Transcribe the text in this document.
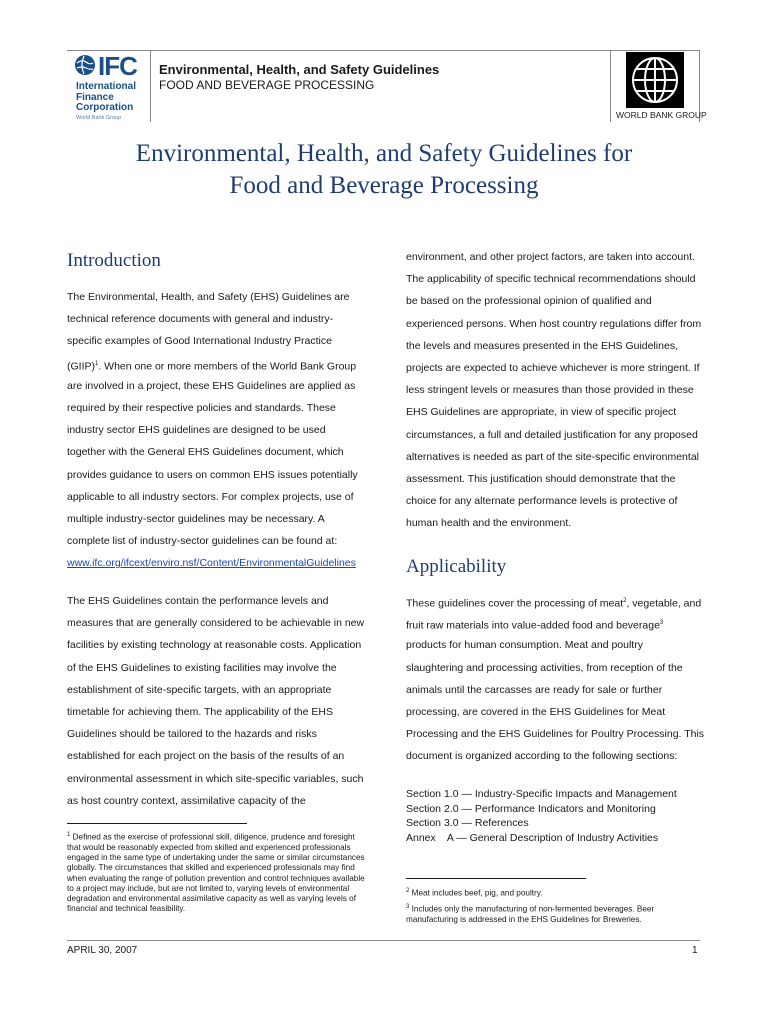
IFC
International
Finance
Corporation
World Bank Group
Environmental, Health, and Safety Guidelines
FOOD AND BEVERAGE PROCESSING
WORLD BANK GROUP
Environmental, Health, and Safety Guidelines for
Food and Beverage Processing
Introduction
The Environmental, Health, and Safety (EHS) Guidelines are
technical reference documents with general and industry-
specific examples of Good International Industry Practice
(GIIP)$^1$. When one or more members of the World Bank Group
are involved in a project, these EHS Guidelines are applied as
required by their respective policies and standards. These
industry sector EHS guidelines are designed to be used
together with the General EHS Guidelines document, which
provides guidance to users on common EHS issues potentially
applicable to all industry sectors. For complex projects, use of
multiple industry-sector guidelines may be necessary. A
complete list of industry-sector guidelines can be found at:
www.ifc.org/ifcext/enviro.nsf/Content/EnvironmentalGuidelines
The EHS Guidelines contain the performance levels and
measures that are generally considered to be achievable in new
facilities by existing technology at reasonable costs. Application
of the EHS Guidelines to existing facilities may involve the
establishment of site-specific targets, with an appropriate
timetable for achieving them. The applicability of the EHS
Guidelines should be tailored to the hazards and risks
established for each project on the basis of the results of an
environmental assessment in which site-specific variables, such
as host country context, assimilative capacity of the
$^1$ Defined as the exercise of professional skill, diligence, prudence and foresight that would be reasonably expected from skilled and experienced professionals engaged in the same type of undertaking under the same or similar circumstances globally. The circumstances that skilled and experienced professionals may find when evaluating the range of pollution prevention and control techniques available to a project may include, but are not limited to, varying levels of environmental degradation and environmental assimilative capacity as well as varying levels of financial and technical feasibility.
environment, and other project factors, are taken into account.
The applicability of specific technical recommendations should
be based on the professional opinion of qualified and
experienced persons. When host country regulations differ from
the levels and measures presented in the EHS Guidelines,
projects are expected to achieve whichever is more stringent. If
less stringent levels or measures than those provided in these
EHS Guidelines are appropriate, in view of specific project
circumstances, a full and detailed justification for any proposed
alternatives is needed as part of the site-specific environmental
assessment. This justification should demonstrate that the
choice for any alternate performance levels is protective of
human health and the environment.
Applicability
These guidelines cover the processing of meat$^2$, vegetable, and
fruit raw materials into value-added food and beverage$^3$
products for human consumption. Meat and poultry
slaughtering and processing activities, from reception of the
animals until the carcasses are ready for sale or further
processing, are covered in the EHS Guidelines for Meat
Processing and the EHS Guidelines for Poultry Processing. This
document is organized according to the following sections:
Section 1.0 — Industry-Specific Impacts and Management
Section 2.0 — Performance Indicators and Monitoring
Section 3.0 — References
Annex    A — General Description of Industry Activities
$^2$ Meat includes beef, pig, and poultry.
$^3$ Includes only the manufacturing of non-fermented beverages. Beer manufacturing is addressed in the EHS Guidelines for Breweries.
APRIL 30, 2007	1
